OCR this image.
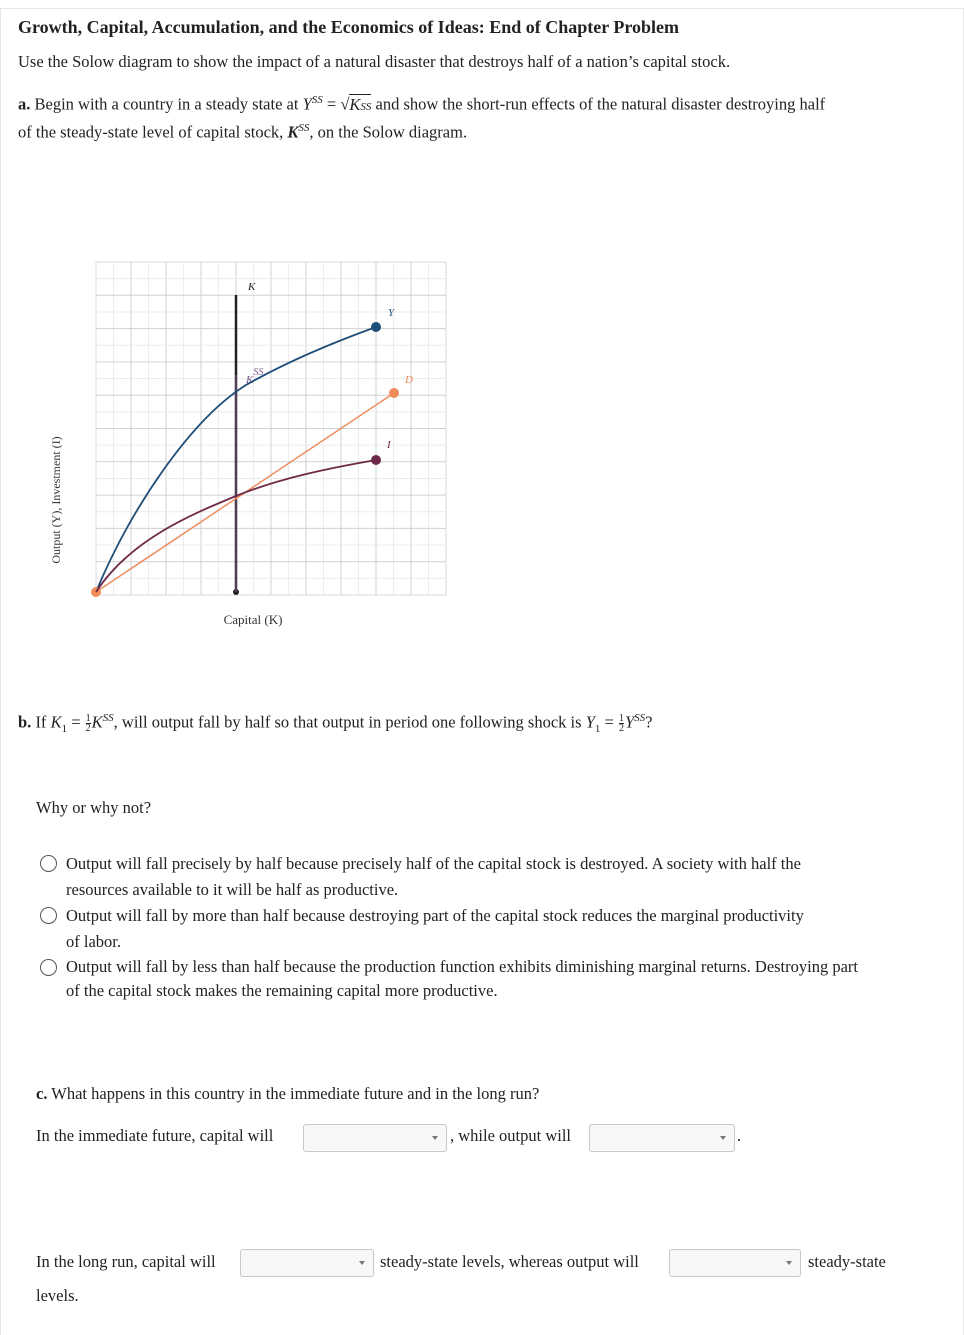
Growth, Capital, Accumulation, and the Economics of Ideas: End of Chapter Problem
Use the Solow diagram to show the impact of a natural disaster that destroys half of a nation’s capital stock.
a. Begin with a country in a steady state at $Y^{SS} = √KSS$ and show the short-run effects of the natural disaster destroying half
of the steady-state level of capital stock, $K^{SS}$, on the Solow diagram.
Output (Y), Investment (I)
Capital (K)
K
KSS
Y
D
I
b. If $K_1 = \frac{1}{2} K^{SS}$, will output fall by half so that output in period one following shock is $Y_1 = \frac{1}{2} Y^{SS}$?
Why or why not?
Output will fall precisely by half because precisely half of the capital stock is destroyed. A society with half the
resources available to it will be half as productive.
Output will fall by more than half because destroying part of the capital stock reduces the marginal productivity
of labor.
Output will fall by less than half because the production function exhibits diminishing marginal returns. Destroying part
of the capital stock makes the remaining capital more productive.
c. What happens in this country in the immediate future and in the long run?
In the immediate future, capital will	, while output will	.
In the long run, capital will	steady-state levels, whereas output will	steady-state
levels.
